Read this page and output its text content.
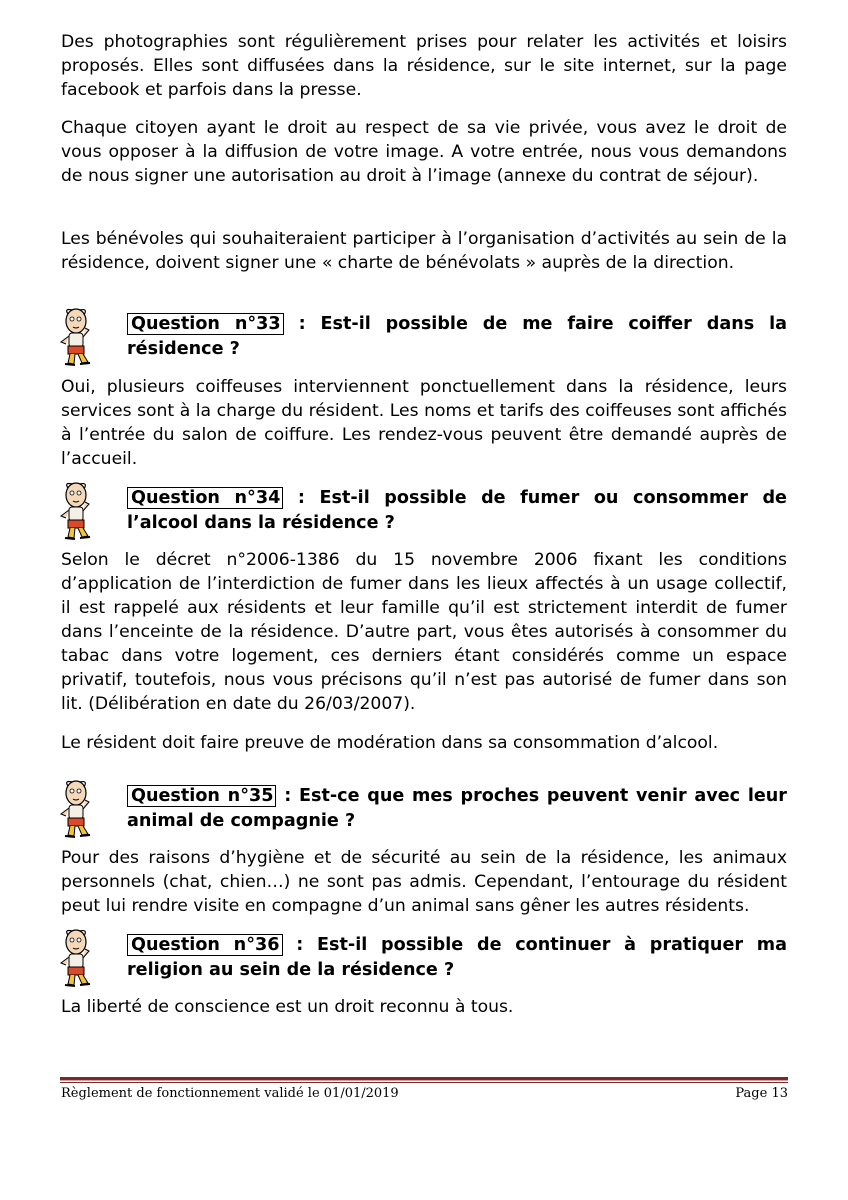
Des photographies sont régulièrement prises pour relater les activités et loisirs proposés. Elles sont diffusées dans la résidence, sur le site internet, sur la page facebook et parfois dans la presse.

Chaque citoyen ayant le droit au respect de sa vie privée, vous avez le droit de vous opposer à la diffusion de votre image. A votre entrée, nous vous demandons de nous signer une autorisation au droit à l’image (annexe du contrat de séjour).

Les bénévoles qui souhaiteraient participer à l’organisation d’activités au sein de la résidence, doivent signer une « charte de bénévolats » auprès de la direction.

Question n°33 : Est-il possible de me faire coiffer dans la résidence ?

Oui, plusieurs coiffeuses interviennent ponctuellement dans la résidence, leurs services sont à la charge du résident. Les noms et tarifs des coiffeuses sont affichés à l’entrée du salon de coiffure. Les rendez-vous peuvent être demandé auprès de l’accueil.

Question n°34 : Est-il possible de fumer ou consommer de l’alcool dans la résidence ?

Selon le décret n°2006-1386 du 15 novembre 2006 fixant les conditions d’application de l’interdiction de fumer dans les lieux affectés à un usage collectif, il est rappelé aux résidents et leur famille qu’il est strictement interdit de fumer dans l’enceinte de la résidence. D’autre part, vous êtes autorisés à consommer du tabac dans votre logement, ces derniers étant considérés comme un espace privatif, toutefois, nous vous précisons qu’il n’est pas autorisé de fumer dans son lit. (Délibération en date du 26/03/2007).

Le résident doit faire preuve de modération dans sa consommation d’alcool.

Question n°35 : Est-ce que mes proches peuvent venir avec leur animal de compagnie ?

Pour des raisons d’hygiène et de sécurité au sein de la résidence, les animaux personnels (chat, chien…) ne sont pas admis. Cependant, l’entourage du résident peut lui rendre visite en compagne d’un animal sans gêner les autres résidents.

Question n°36 : Est-il possible de continuer à pratiquer ma religion au sein de la résidence ?

La liberté de conscience est un droit reconnu à tous.

Règlement de fonctionnement validé le 01/01/2019	Page 13
